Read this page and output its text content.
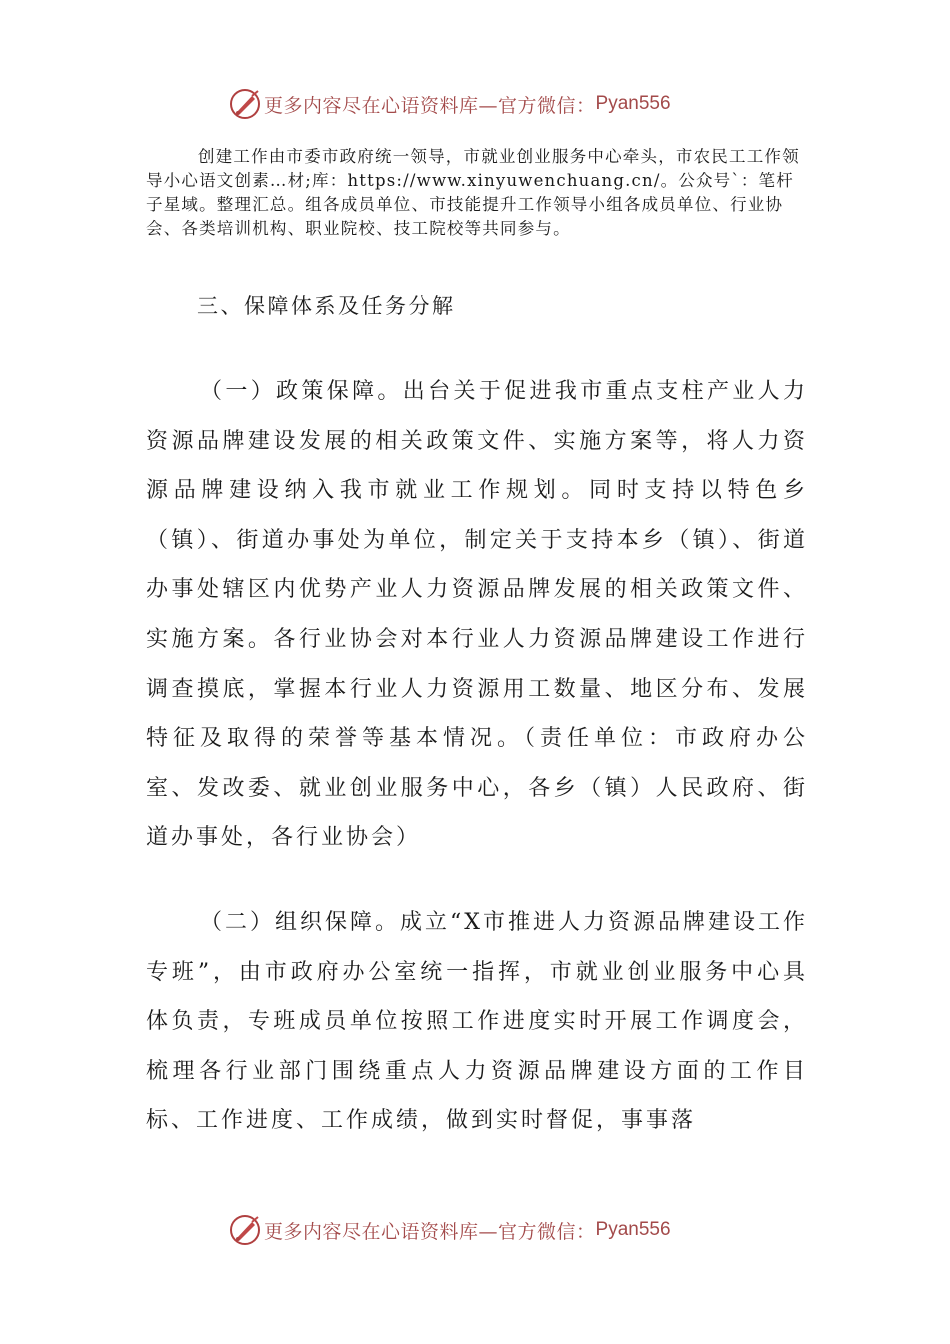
更多内容尽在心语资料库—官方微信： Pyan556
创建工作由市委市政府统一领导，市就业创业服务中心牵头，市农民工工作领导小心语文创素…材;库：https://www.xinyuwenchuang.cn/。公众号`：笔杆子星域。整理汇总。组各成员单位、市技能提升工作领导小组各成员单位、行业协会、各类培训机构、职业院校、技工院校等共同参与。
三、保障体系及任务分解
（一）政策保障。出台关于促进我市重点支柱产业人力资源品牌建设发展的相关政策文件、实施方案等，将人力资源品牌建设纳入我市就业工作规划。同时支持以特色乡（镇）、街道办事处为单位，制定关于支持本乡（镇）、街道办事处辖区内优势产业人力资源品牌发展的相关政策文件、实施方案。各行业协会对本行业人力资源品牌建设工作进行调查摸底，掌握本行业人力资源用工数量、地区分布、发展特征及取得的荣誉等基本情况。（责任单位：市政府办公室、发改委、就业创业服务中心，各乡（镇）人民政府、街道办事处，各行业协会）
（二）组织保障。成立“X市推进人力资源品牌建设工作专班”，由市政府办公室统一指挥，市就业创业服务中心具体负责，专班成员单位按照工作进度实时开展工作调度会，梳理各行业部门围绕重点人力资源品牌建设方面的工作目标、工作进度、工作成绩，做到实时督促，事事落
更多内容尽在心语资料库—官方微信： Pyan556
